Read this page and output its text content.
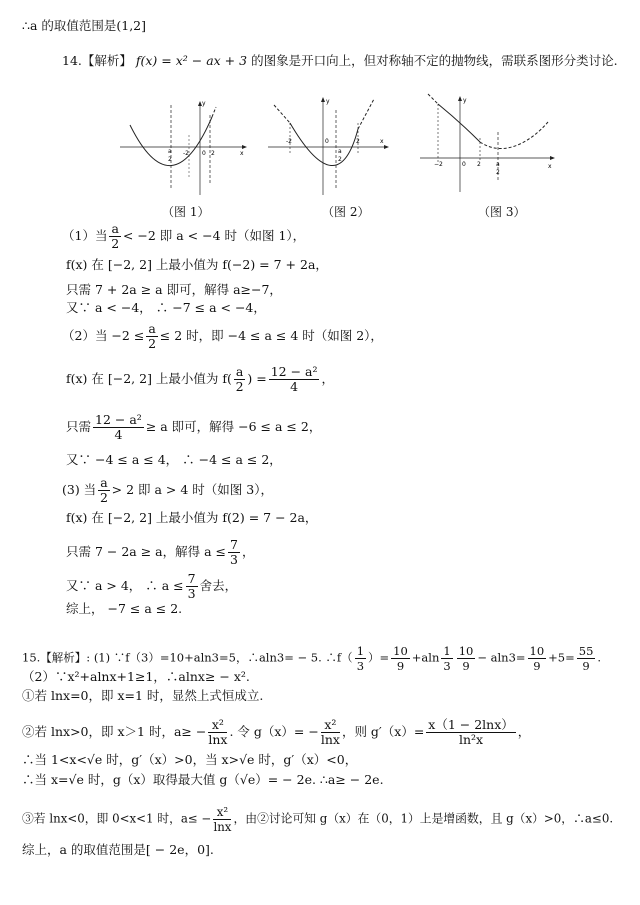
∴a 的取值范围是(1,2]
14.【解析】 f(x) = x² − ax + 3 的图象是开口向上，但对称轴不定的抛物线，需联系图形分类讨论.
x
y
0 2
-2
a
2
（图 1）
-2	0	2	x
y
a
2
（图 2）
−2	0 2	a
2
x
y
（图 3）
（1）当 $\frac{a}{2} < -2$ 即 a < −4 时（如图 1），
f(x) 在 [−2, 2] 上最小值为 f(−2) = 7 + 2a，
只需 7 + 2a ≥ a 即可，解得 a≥−7，
又∵ a < −4， ∴ −7 ≤ a < −4，
（2）当 $-2 \le \frac{a}{2} \le 2$ 时，即 −4 ≤ a ≤ 4 时（如图 2），
f(x) 在 [−2, 2] 上最小值为 $f( \frac{a}{2}$ ) = $\frac{\text{12 − a²}}{4}$ ，
只需 $\frac{\text{12 − a²}}{4} \ge a$ 即可，解得 −6 ≤ a ≤ 2，
又∵ −4 ≤ a ≤ 4， ∴ −4 ≤ a ≤ 2，
(3) 当 $\frac{a}{2} > 2$ 即 a > 4 时（如图 3），
f(x) 在 [−2, 2] 上最小值为 f(2) = 7 − 2a，
只需 7 − 2a ≥ a，解得 $a \le \frac{7}{3}$ ，
又∵ a > 4， ∴ $a \le \frac{7}{3}$ 舍去，
综上， −7 ≤ a ≤ 2.
15.【解析】: (1) ∵f（3）=10+aln3=5，∴aln3= − 5. ∴f（ $\frac{1}{3}$ ）= $\frac{10}{9} +aln \frac{1}{3} \frac{10}{9} - aln3= \frac{10}{9} +5= \frac{55}{9}$ .
（2）∵x²+alnx+1≥1，∴alnx≥ − x².
①若 lnx=0，即 x=1 时，显然上式恒成立.
②若 lnx>0，即 x＞1 时，$a\ge - \frac{\text{x²}}{\ln x}$ . 令 $g(x)= - \frac{\text{x²}}{\ln x}$ ，则 $g'(x)= \frac{x(1 - 2\ln x)}{\text{ln²x}}$ ，
∴当 1<x<√e 时，g′（x）>0，当 x>√e 时，g′（x）<0，
∴当 x=√e 时，g（x）取得最大值 g（√e）= − 2e. ∴a≥ − 2e.
③若 lnx<0，即 0<x<1 时，$a\le - \frac{\text{x²}}{\ln x}$ ，由②讨论可知 g（x）在（0，1）上是增函数，且 g（x）>0，∴a≤0.
综上，a 的取值范围是[ − 2e，0].
